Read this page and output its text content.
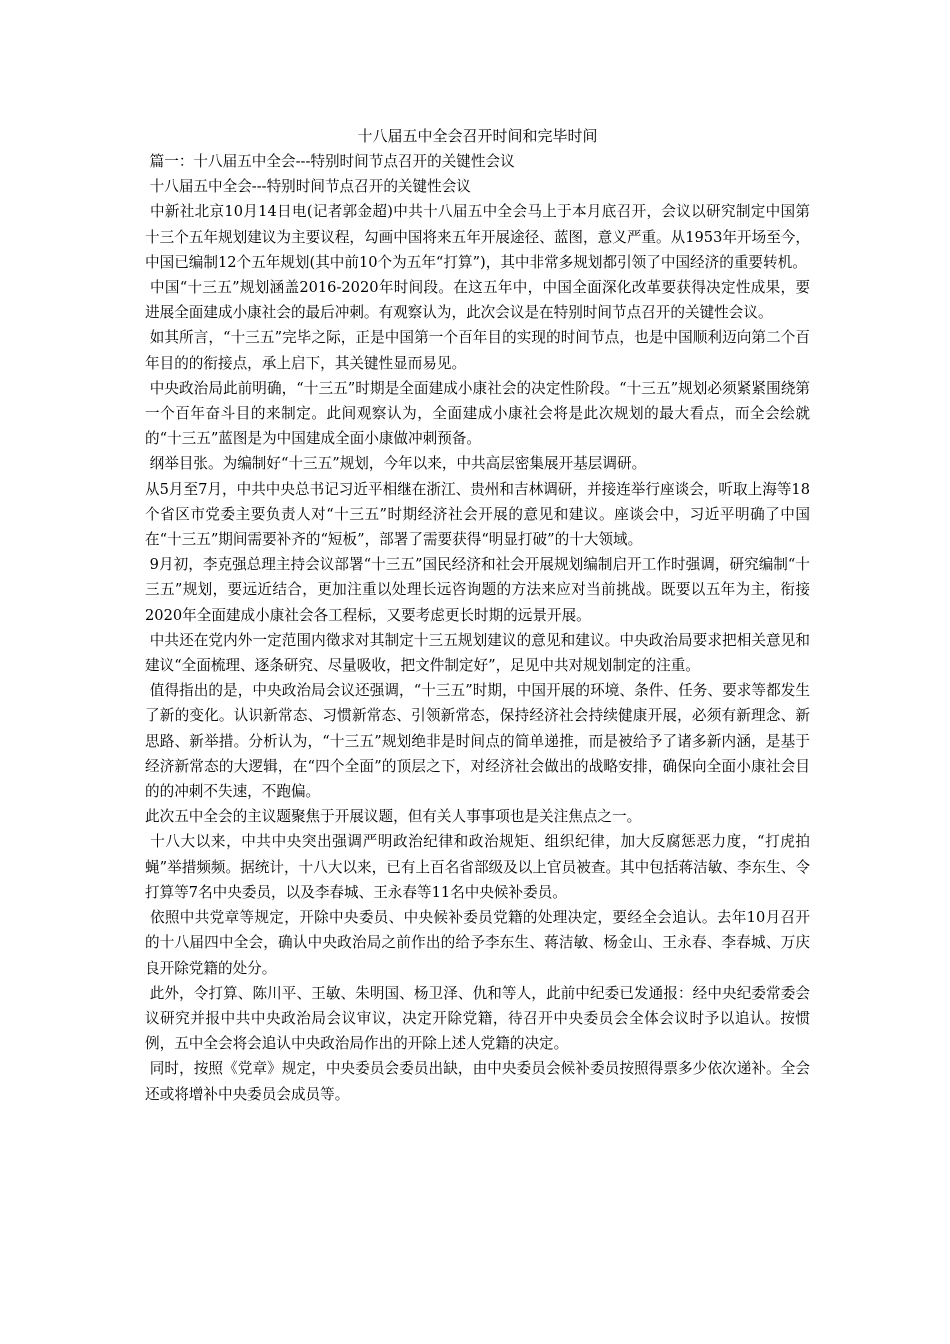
十八届五中全会召开时间和完毕时间

篇一：十八届五中全会---特别时间节点召开的关键性会议

十八届五中全会---特别时间节点召开的关键性会议

中新社北京10月14日电(记者郭金超)中共十八届五中全会马上于本月底召开，会议以研究制定中国第十三个五年规划建议为主要议程，勾画中国将来五年开展途径、蓝图，意义严重。从1953年开场至今，中国已编制12个五年规划(其中前10个为五年“打算”)，其中非常多规划都引领了中国经济的重要转机。

中国“十三五”规划涵盖2016-2020年时间段。在这五年中，中国全面深化改革要获得决定性成果，要进展全面建成小康社会的最后冲刺。有观察认为，此次会议是在特别时间节点召开的关键性会议。

如其所言，“十三五”完毕之际，正是中国第一个百年目的实现的时间节点，也是中国顺利迈向第二个百年目的的衔接点，承上启下，其关键性显而易见。

中央政治局此前明确，“十三五”时期是全面建成小康社会的决定性阶段。“十三五”规划必须紧紧围绕第一个百年奋斗目的来制定。此间观察认为，全面建成小康社会将是此次规划的最大看点，而全会绘就的“十三五”蓝图是为中国建成全面小康做冲刺预备。

纲举目张。为编制好“十三五”规划，今年以来，中共高层密集展开基层调研。

从5月至7月，中共中央总书记习近平相继在浙江、贵州和吉林调研，并接连举行座谈会，听取上海等18个省区市党委主要负责人对“十三五”时期经济社会开展的意见和建议。座谈会中，习近平明确了中国在“十三五”期间需要补齐的“短板”，部署了需要获得“明显打破”的十大领域。

9月初，李克强总理主持会议部署“十三五”国民经济和社会开展规划编制启开工作时强调，研究编制“十三五”规划，要远近结合，更加注重以处理长远咨询题的方法来应对当前挑战。既要以五年为主，衔接2020年全面建成小康社会各工程标，又要考虑更长时期的远景开展。

中共还在党内外一定范围内徵求对其制定十三五规划建议的意见和建议。中央政治局要求把相关意见和建议“全面梳理、逐条研究、尽量吸收，把文件制定好”，足见中共对规划制定的注重。

值得指出的是，中央政治局会议还强调，“十三五”时期，中国开展的环境、条件、任务、要求等都发生了新的变化。认识新常态、习惯新常态、引领新常态，保持经济社会持续健康开展，必须有新理念、新思路、新举措。分析认为，“十三五”规划绝非是时间点的简单递推，而是被给予了诸多新内涵，是基于经济新常态的大逻辑，在“四个全面”的顶层之下，对经济社会做出的战略安排，确保向全面小康社会目的的冲刺不失速，不跑偏。

此次五中全会的主议题聚焦于开展议题，但有关人事事项也是关注焦点之一。

十八大以来，中共中央突出强调严明政治纪律和政治规矩、组织纪律，加大反腐惩恶力度，“打虎拍蝇”举措频频。据统计，十八大以来，已有上百名省部级及以上官员被查。其中包括蒋洁敏、李东生、令打算等7名中央委员，以及李春城、王永春等11名中央候补委员。

依照中共党章等规定，开除中央委员、中央候补委员党籍的处理决定，要经全会追认。去年10月召开的十八届四中全会，确认中央政治局之前作出的给予李东生、蒋洁敏、杨金山、王永春、李春城、万庆良开除党籍的处分。

此外，令打算、陈川平、王敏、朱明国、杨卫泽、仇和等人，此前中纪委已发通报：经中央纪委常委会议研究并报中共中央政治局会议审议，决定开除党籍，待召开中央委员会全体会议时予以追认。按惯例，五中全会将会追认中央政治局作出的开除上述人党籍的决定。

同时，按照《党章》规定，中央委员会委员出缺，由中央委员会候补委员按照得票多少依次递补。全会还或将增补中央委员会成员等。
